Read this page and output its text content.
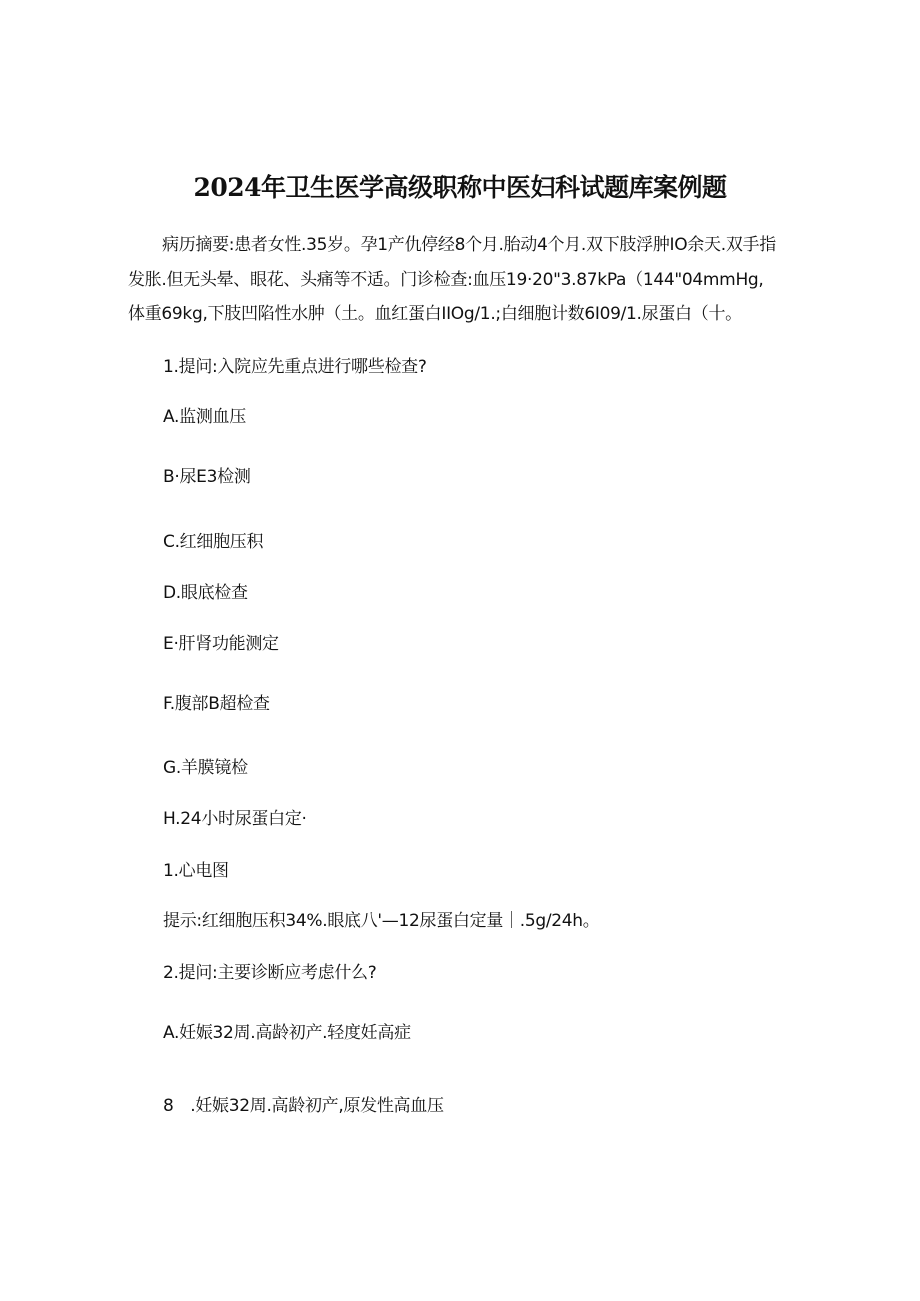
2024年卫生医学高级职称中医妇科试题库案例题
病历摘要:患者女性.35岁。孕1产仇停经8个月.胎动4个月.双下肢浮肿IO余天.双手指发胀.但无头晕、眼花、头痛等不适。门诊检查:血压19·20"3.87kPa（144"04mmHg,体重69kg,下肢凹陷性水肿（土。血红蛋白IIOg/1.;白细胞计数6I09/1.尿蛋白（十。
1.提问:入院应先重点进行哪些检查?
A.监测血压
B·尿E3检测
C.红细胞压积
D.眼底检查
E·肝肾功能测定
F.腹部B超检查
G.羊膜镜检
H.24小时尿蛋白定·
1.心电图
提示:红细胞压积34%.眼底八'—12尿蛋白定量｜.5g/24h。
2.提问:主要诊断应考虑什么?
A.妊娠32周.高龄初产.轻度妊高症
8　.妊娠32周.高龄初产,原发性高血压
